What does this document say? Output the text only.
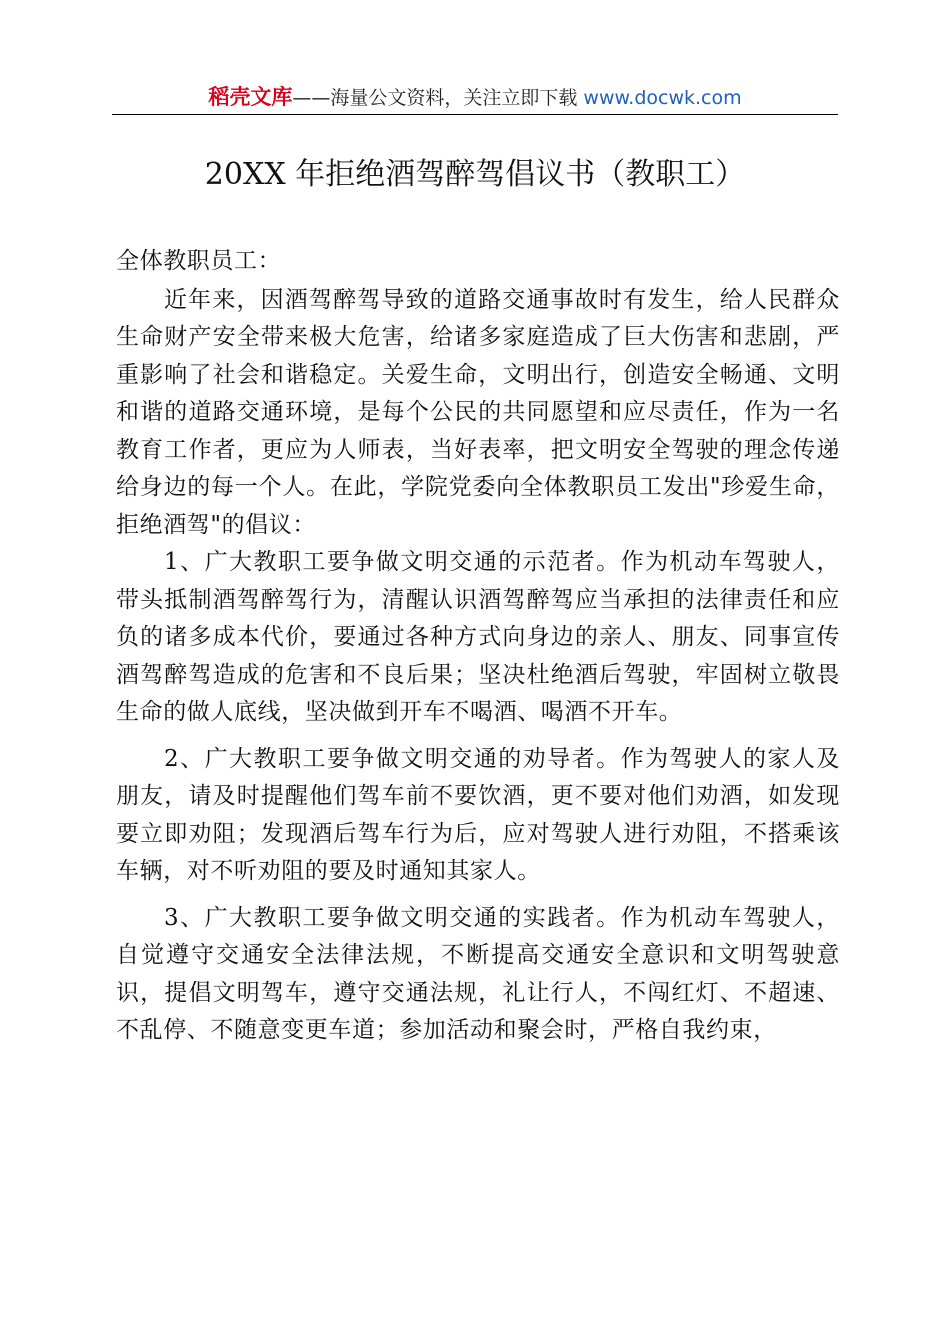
稻壳文库——海量公文资料，关注立即下载 www.docwk.com
20XX 年拒绝酒驾醉驾倡议书（教职工）

全体教职员工：

近年来，因酒驾醉驾导致的道路交通事故时有发生，给人民群众生命财产安全带来极大危害，给诸多家庭造成了巨大伤害和悲剧，严重影响了社会和谐稳定。关爱生命，文明出行，创造安全畅通、文明和谐的道路交通环境，是每个公民的共同愿望和应尽责任，作为一名教育工作者，更应为人师表，当好表率，把文明安全驾驶的理念传递给身边的每一个人。在此，学院党委向全体教职员工发出"珍爱生命，拒绝酒驾"的倡议：

1、广大教职工要争做文明交通的示范者。作为机动车驾驶人，带头抵制酒驾醉驾行为，清醒认识酒驾醉驾应当承担的法律责任和应负的诸多成本代价，要通过各种方式向身边的亲人、朋友、同事宣传酒驾醉驾造成的危害和不良后果；坚决杜绝酒后驾驶，牢固树立敬畏生命的做人底线，坚决做到开车不喝酒、喝酒不开车。

2、广大教职工要争做文明交通的劝导者。作为驾驶人的家人及朋友，请及时提醒他们驾车前不要饮酒，更不要对他们劝酒，如发现要立即劝阻；发现酒后驾车行为后，应对驾驶人进行劝阻，不搭乘该车辆，对不听劝阻的要及时通知其家人。

3、广大教职工要争做文明交通的实践者。作为机动车驾驶人，自觉遵守交通安全法律法规，不断提高交通安全意识和文明驾驶意识，提倡文明驾车，遵守交通法规，礼让行人，不闯红灯、不超速、不乱停、不随意变更车道；参加活动和聚会时，严格自我约束，
